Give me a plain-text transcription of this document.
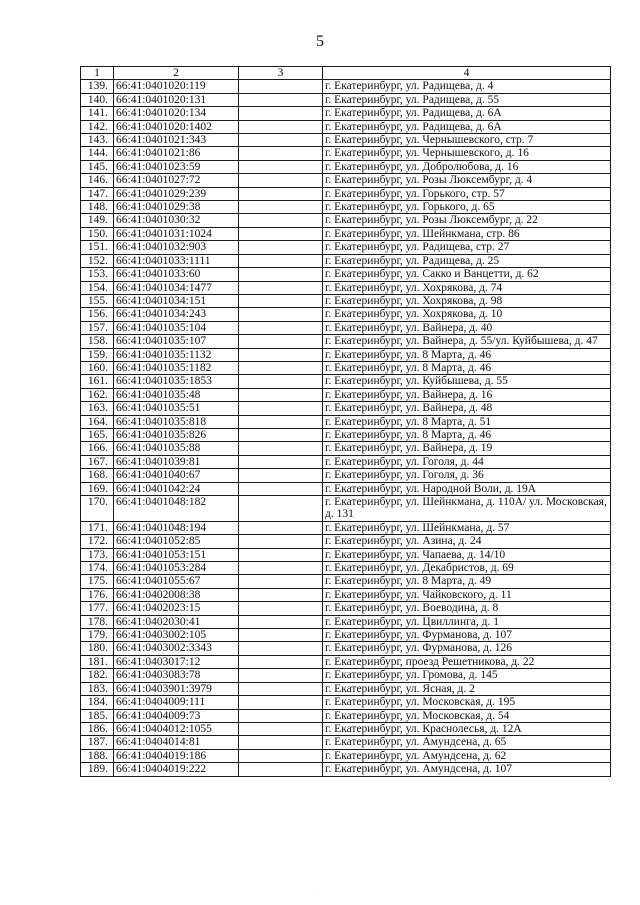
5
1	2	3	4
139.	66:41:0401020:119		г. Екатеринбург, ул. Радищева, д. 4
140.	66:41:0401020:131		г. Екатеринбург, ул. Радищева, д. 55
141.	66:41:0401020:134		г. Екатеринбург, ул. Радищева, д. 6А
142.	66:41:0401020:1402		г. Екатеринбург, ул. Радищева, д. 6А
143.	66:41:0401021:343		г. Екатеринбург, ул. Чернышевского, стр. 7
144.	66:41:0401021:86		г. Екатеринбург, ул. Чернышевского, д. 16
145.	66:41:0401023:59		г. Екатеринбург, ул. Добролюбова, д. 16
146.	66:41:0401027:72		г. Екатеринбург, ул. Розы Люксембург, д. 4
147.	66:41:0401029:239		г. Екатеринбург, ул. Горького, стр. 57
148.	66:41:0401029:38		г. Екатеринбург, ул. Горького, д. 65
149.	66:41:0401030:32		г. Екатеринбург, ул. Розы Люксембург, д. 22
150.	66:41:0401031:1024		г. Екатеринбург, ул. Шейнкмана, стр. 86
151.	66:41:0401032:903		г. Екатеринбург, ул. Радищева, стр. 27
152.	66:41:0401033:1111		г. Екатеринбург, ул. Радищева, д. 25
153.	66:41:0401033:60		г. Екатеринбург, ул. Сакко и Ванцетти, д. 62
154.	66:41:0401034:1477		г. Екатеринбург, ул. Хохрякова, д. 74
155.	66:41:0401034:151		г. Екатеринбург, ул. Хохрякова, д. 98
156.	66:41:0401034:243		г. Екатеринбург, ул. Хохрякова, д. 10
157.	66:41:0401035:104		г. Екатеринбург, ул. Вайнера, д. 40
158.	66:41:0401035:107		г. Екатеринбург, ул. Вайнера, д. 55/ул. Куйбышева, д. 47
159.	66:41:0401035:1132		г. Екатеринбург, ул. 8 Марта, д. 46
160.	66:41:0401035:1182		г. Екатеринбург, ул. 8 Марта, д. 46
161.	66:41:0401035:1853		г. Екатеринбург, ул. Куйбышева, д. 55
162.	66:41:0401035:48		г. Екатеринбург, ул. Вайнера, д. 16
163.	66:41:0401035:51		г. Екатеринбург, ул. Вайнера, д. 48
164.	66:41:0401035:818		г. Екатеринбург, ул. 8 Марта, д. 51
165.	66:41:0401035:826		г. Екатеринбург, ул. 8 Марта, д. 46
166.	66:41:0401035:88		г. Екатеринбург, ул. Вайнера, д. 19
167.	66:41:0401039:81		г. Екатеринбург, ул. Гоголя, д. 44
168.	66:41:0401040:67		г. Екатеринбург, ул. Гоголя, д. 36
169.	66:41:0401042:24		г. Екатеринбург, ул. Народной Воли, д. 19А
170.	66:41:0401048:182		г. Екатеринбург, ул. Шейнкмана, д. 110А/ ул. Московская, д. 131
171.	66:41:0401048:194		г. Екатеринбург, ул. Шейнкмана, д. 57
172.	66:41:0401052:85		г. Екатеринбург, ул. Азина, д. 24
173.	66:41:0401053:151		г. Екатеринбург, ул. Чапаева, д. 14/10
174.	66:41:0401053:284		г. Екатеринбург, ул. Декабристов, д. 69
175.	66:41:0401055:67		г. Екатеринбург, ул. 8 Марта, д. 49
176.	66:41:0402008:38		г. Екатеринбург, ул. Чайковского, д. 11
177.	66:41:0402023:15		г. Екатеринбург, ул. Воеводина, д. 8
178.	66:41:0402030:41		г. Екатеринбург, ул. Цвиллинга, д. 1
179.	66:41:0403002:105		г. Екатеринбург, ул. Фурманова, д. 107
180.	66:41:0403002:3343		г. Екатеринбург, ул. Фурманова, д. 126
181.	66:41:0403017:12		г. Екатеринбург, проезд Решетникова, д. 22
182.	66:41:0403083:78		г. Екатеринбург, ул. Громова, д. 145
183.	66:41:0403901:3979		г. Екатеринбург, ул. Ясная, д. 2
184.	66:41:0404009:111		г. Екатеринбург, ул. Московская, д. 195
185.	66:41:0404009:73		г. Екатеринбург, ул. Московская, д. 54
186.	66:41:0404012:1055		г. Екатеринбург, ул. Краснолесья, д. 12А
187.	66:41:0404014:81		г. Екатеринбург, ул. Амундсена, д. 65
188.	66:41:0404019:186		г. Екатеринбург, ул. Амундсена, д. 62
189.	66:41:0404019:222		г. Екатеринбург, ул. Амундсена, д. 107
·
